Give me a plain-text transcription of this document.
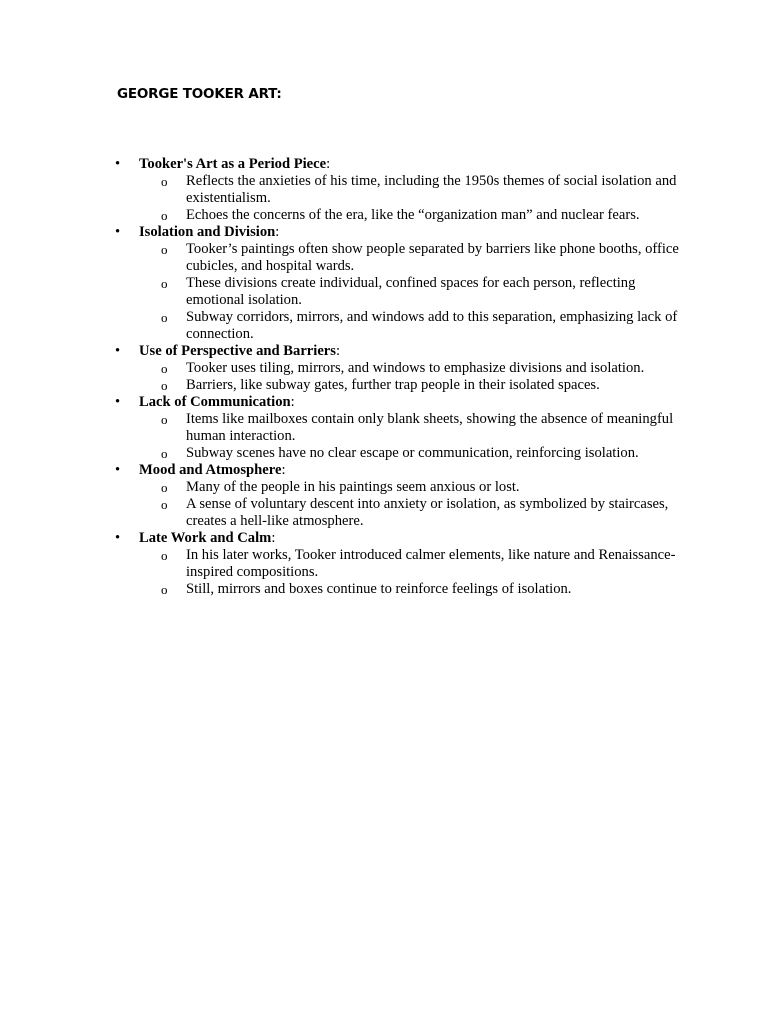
GEORGE TOOKER ART:
• Tooker's Art as a Period Piece:
o Reflects the anxieties of his time, including the 1950s themes of social isolation and existentialism.
o Echoes the concerns of the era, like the “organization man” and nuclear fears.
• Isolation and Division:
o Tooker’s paintings often show people separated by barriers like phone booths, office cubicles, and hospital wards.
o These divisions create individual, confined spaces for each person, reflecting emotional isolation.
o Subway corridors, mirrors, and windows add to this separation, emphasizing lack of connection.
• Use of Perspective and Barriers:
o Tooker uses tiling, mirrors, and windows to emphasize divisions and isolation.
o Barriers, like subway gates, further trap people in their isolated spaces.
• Lack of Communication:
o Items like mailboxes contain only blank sheets, showing the absence of meaningful human interaction.
o Subway scenes have no clear escape or communication, reinforcing isolation.
• Mood and Atmosphere:
o Many of the people in his paintings seem anxious or lost.
o A sense of voluntary descent into anxiety or isolation, as symbolized by staircases, creates a hell-like atmosphere.
• Late Work and Calm:
o In his later works, Tooker introduced calmer elements, like nature and Renaissance-inspired compositions.
o Still, mirrors and boxes continue to reinforce feelings of isolation.
